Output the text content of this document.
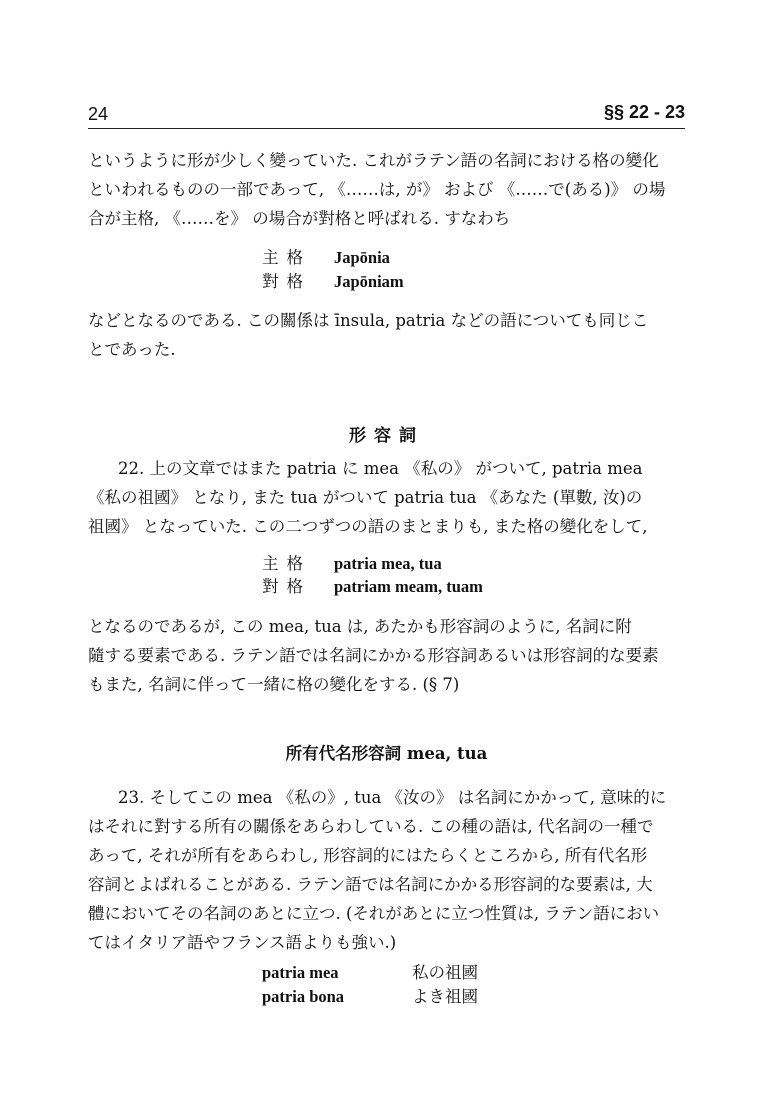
24	§§ 22 - 23
というように形が少しく變っていた. これがラテン語の名詞における格の變化
といわれるものの一部であって, 《……は, が》 および 《……で(ある)》 の場
合が主格, 《……を》 の場合が對格と呼ばれる. すなわち
主格 Japōnia
對格 Japōniam
などとなるのである. この關係は īnsula, patria などの語についても同じこ
とであった.
形容詞
22. 上の文章ではまた patria に mea 《私の》 がついて, patria mea
《私の祖國》 となり, また tua がついて patria tua 《あなた (單數, 汝)の
祖國》 となっていた. この二つずつの語のまとまりも, また格の變化をして,
主格 patria mea, tua
對格 patriam meam, tuam
となるのであるが, この mea, tua は, あたかも形容詞のように, 名詞に附
隨する要素である. ラテン語では名詞にかかる形容詞あるいは形容詞的な要素
もまた, 名詞に伴って一緒に格の變化をする. (§ 7)
所有代名形容詞 mea, tua
23. そしてこの mea 《私の》, tua 《汝の》 は名詞にかかって, 意味的に
はそれに對する所有の關係をあらわしている. この種の語は, 代名詞の一種で
あって, それが所有をあらわし, 形容詞的にはたらくところから, 所有代名形
容詞とよばれることがある. ラテン語では名詞にかかる形容詞的な要素は, 大
體においてその名詞のあとに立つ. (それがあとに立つ性質は, ラテン語におい
てはイタリア語やフランス語よりも強い.)
patria mea	私の祖國
patria bona	よき祖國
